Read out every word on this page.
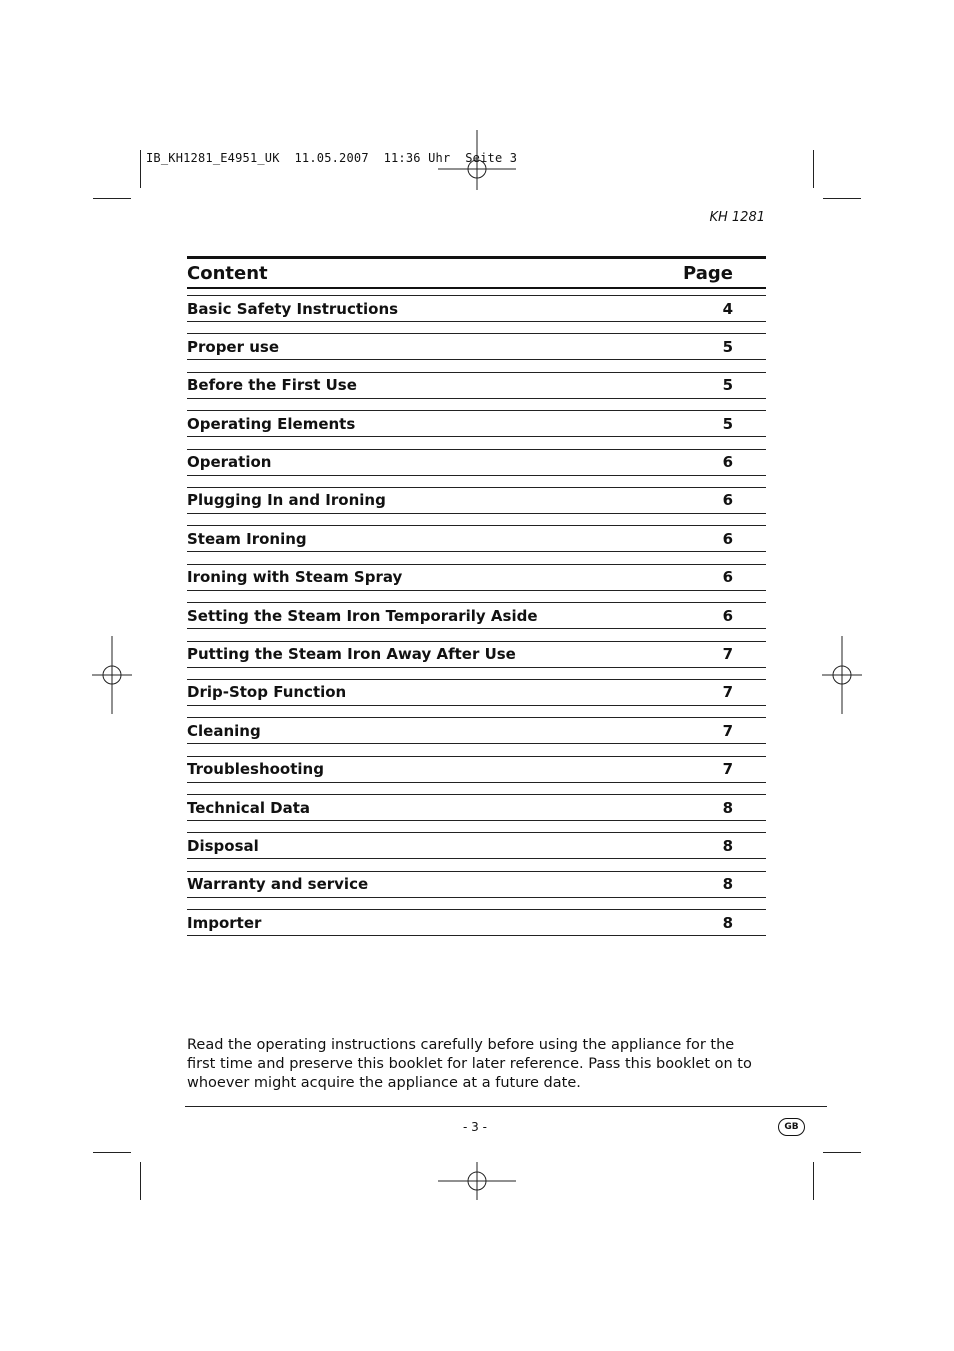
IB_KH1281_E4951_UK  11.05.2007  11:36 Uhr  Seite 3
KH 1281
Content	Page
Basic Safety Instructions	4
Proper use	5
Before the First Use	5
Operating Elements	5
Operation	6
Plugging In and Ironing	6
Steam Ironing	6
Ironing with Steam Spray	6
Setting the Steam Iron Temporarily Aside	6
Putting the Steam Iron Away After Use	7
Drip-Stop Function	7
Cleaning	7
Troubleshooting	7
Technical Data	8
Disposal	8
Warranty and service	8
Importer	8
Read the operating instructions carefully before using the appliance for the first time and preserve this booklet for later reference. Pass this booklet on to whoever might acquire the appliance at a future date.
- 3 -	GB
